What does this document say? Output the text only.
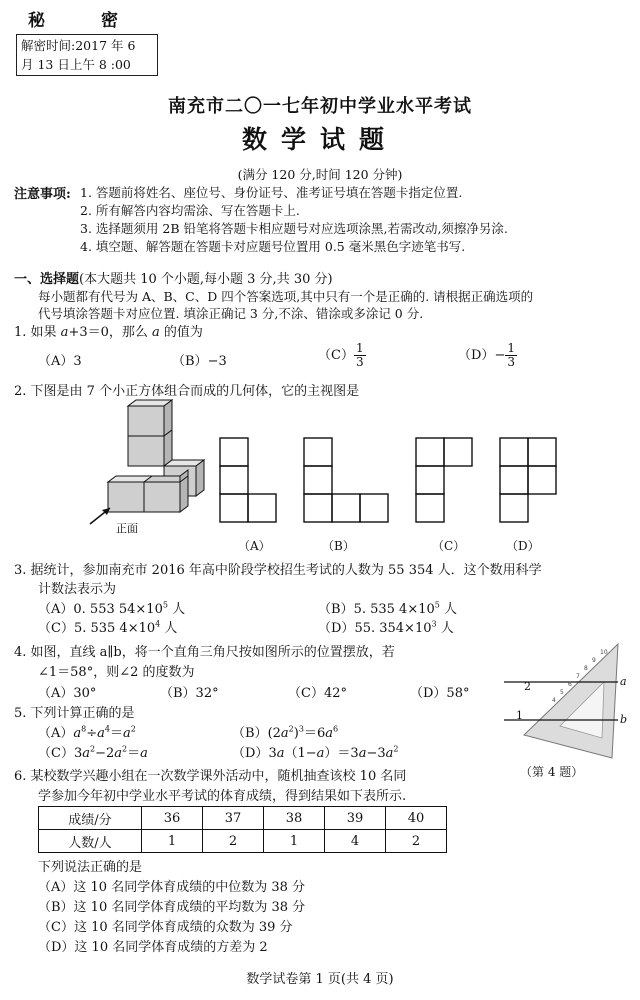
秘	密
解密时间:2017 年 6
月 13 日上午 8 :00
南充市二〇一七年初中学业水平考试
数学试题
(满分 120 分,时间 120 分钟)
注意事项: 1. 答题前将姓名、座位号、身份证号、准考证号填在答题卡指定位置.
2. 所有解答内容均需涂、写在答题卡上.
3. 选择题须用 2B 铅笔将答题卡相应题号对应选项涂黑,若需改动,须擦净另涂.
4. 填空题、解答题在答题卡对应题号位置用 0.5 毫米黑色字迹笔书写.
一、选择题(本大题共 10 个小题,每小题 3 分,共 30 分)
每小题都有代号为 A、B、C、D 四个答案选项,其中只有一个是正确的. 请根据正确选项的
代号填涂答题卡对应位置. 填涂正确记 3 分,不涂、错涂或多涂记 0 分.
1. 如果 a+3＝0，那么 a 的值为
（A）3	（B）−3	$(C) \frac{1}{3}$	$(D)- \frac{1}{3}$
2. 下图是由 7 个小正方体组合而成的几何体，它的主视图是
正面
（A）	（B）	（C）	（D）
3. 据统计，参加南充市 2016 年高中阶段学校招生考试的人数为 55 354 人．这个数用科学
计数法表示为
（A）0. 553 $54\times 10^5$ 人	（B）5. 535 $4\times 10^5$ 人
（C）5. 535 $4\times 10^4$ 人	（D）55. $354\times 10^3$ 人
4. 如图，直线 a∥b，将一个直角三角尺按如图所示的位置摆放，若
∠1＝58°，则∠2 的度数为
（A）30°	（B）32°	（C）42°	（D）58°
10
9
8
7
6
5
4
a
b
2
1
（第 4 题）
5. 下列计算正确的是
$(A)a^8\div a^4=a^2$	$(B)(2a^2)^3=6a^6$
$(C)3a^2-2a^2=a$	$(D)3a(1-a)=3a-3a^2$
6. 某校数学兴趣小组在一次数学课外活动中，随机抽查该校 10 名同
学参加今年初中学业水平考试的体育成绩，得到结果如下表所示.
成绩/分	36	37	38	39	40
人数/人	1	2	1	4	2
下列说法正确的是
（A）这 10 名同学体育成绩的中位数为 38 分
（B）这 10 名同学体育成绩的平均数为 38 分
（C）这 10 名同学体育成绩的众数为 39 分
（D）这 10 名同学体育成绩的方差为 2
数学试卷第 1 页(共 4 页)
